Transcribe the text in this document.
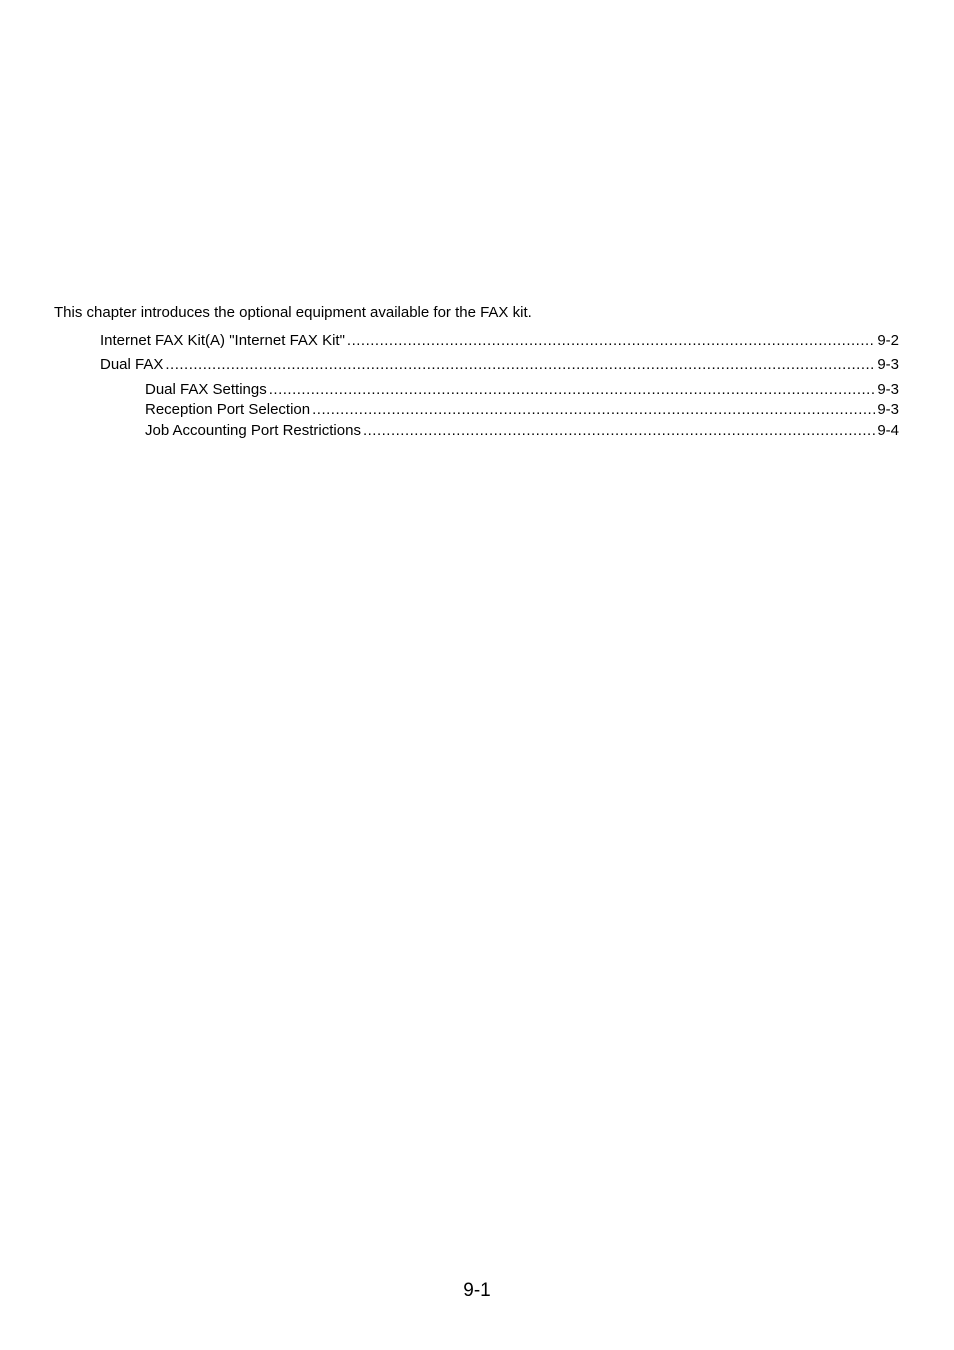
This chapter introduces the optional equipment available for the FAX kit.
Internet FAX Kit(A) "Internet FAX Kit" .....	9-2
Dual FAX .....	9-3
Dual FAX Settings .....	9-3
Reception Port Selection .....	9-3
Job Accounting Port Restrictions .....	9-4
9-1
